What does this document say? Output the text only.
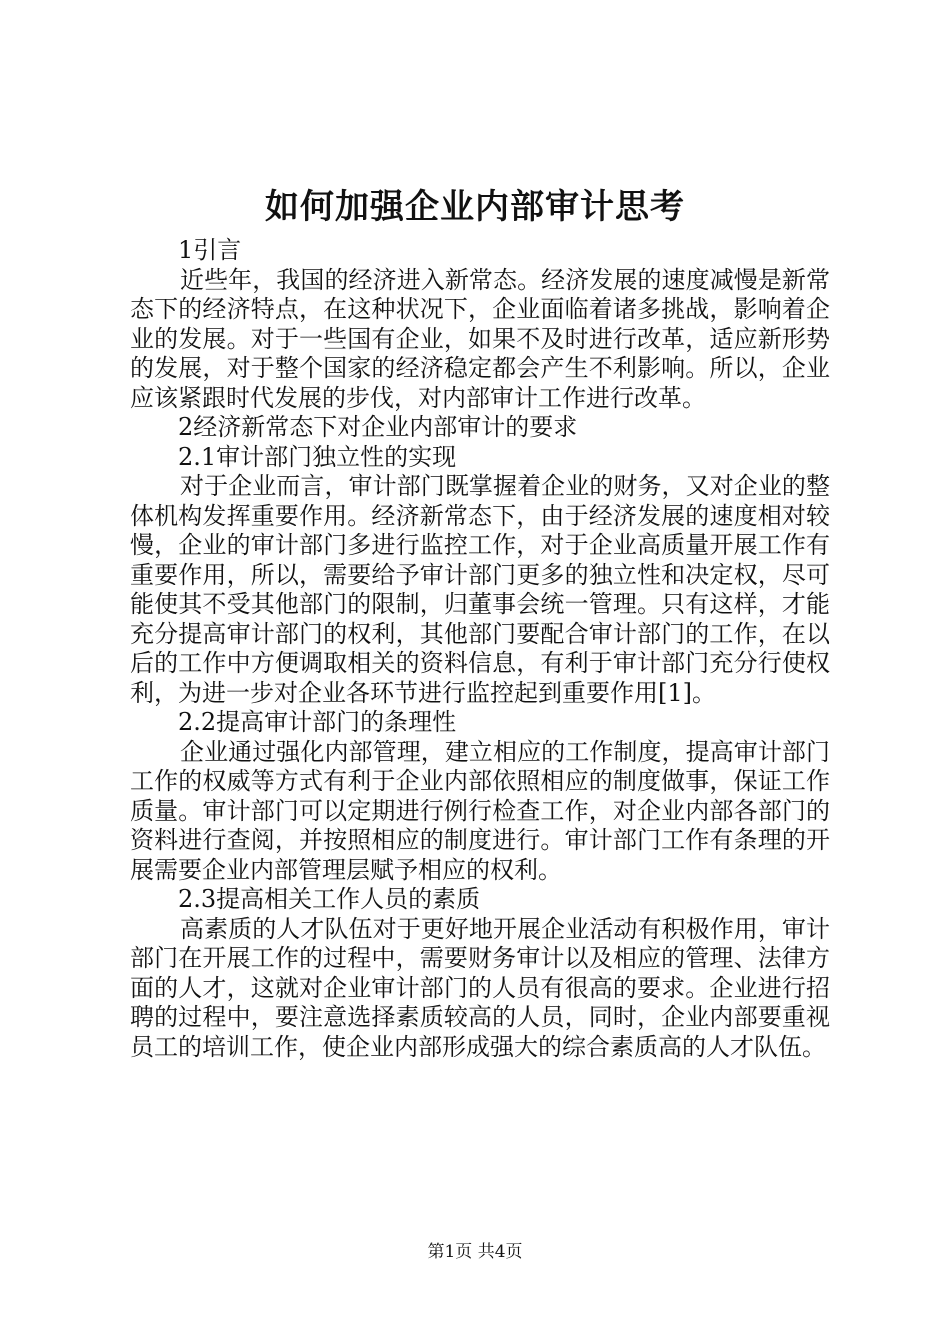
如何加强企业内部审计思考
1引言
近些年，我国的经济进入新常态。经济发展的速度减慢是新常态下的经济特点，在这种状况下，企业面临着诸多挑战，影响着企业的发展。对于一些国有企业，如果不及时进行改革，适应新形势的发展，对于整个国家的经济稳定都会产生不利影响。所以，企业应该紧跟时代发展的步伐，对内部审计工作进行改革。
2经济新常态下对企业内部审计的要求
2.1审计部门独立性的实现
对于企业而言，审计部门既掌握着企业的财务，又对企业的整体机构发挥重要作用。经济新常态下，由于经济发展的速度相对较慢，企业的审计部门多进行监控工作，对于企业高质量开展工作有重要作用，所以，需要给予审计部门更多的独立性和决定权，尽可能使其不受其他部门的限制，归董事会统一管理。只有这样，才能充分提高审计部门的权利，其他部门要配合审计部门的工作，在以后的工作中方便调取相关的资料信息，有利于审计部门充分行使权利，为进一步对企业各环节进行监控起到重要作用[1]。
2.2提高审计部门的条理性
企业通过强化内部管理，建立相应的工作制度，提高审计部门工作的权威等方式有利于企业内部依照相应的制度做事，保证工作质量。审计部门可以定期进行例行检查工作，对企业内部各部门的资料进行查阅，并按照相应的制度进行。审计部门工作有条理的开展需要企业内部管理层赋予相应的权利。
2.3提高相关工作人员的素质
高素质的人才队伍对于更好地开展企业活动有积极作用，审计部门在开展工作的过程中，需要财务审计以及相应的管理、法律方面的人才，这就对企业审计部门的人员有很高的要求。企业进行招聘的过程中，要注意选择素质较高的人员，同时，企业内部要重视员工的培训工作，使企业内部形成强大的综合素质高的人才队伍。
第1页 共4页
